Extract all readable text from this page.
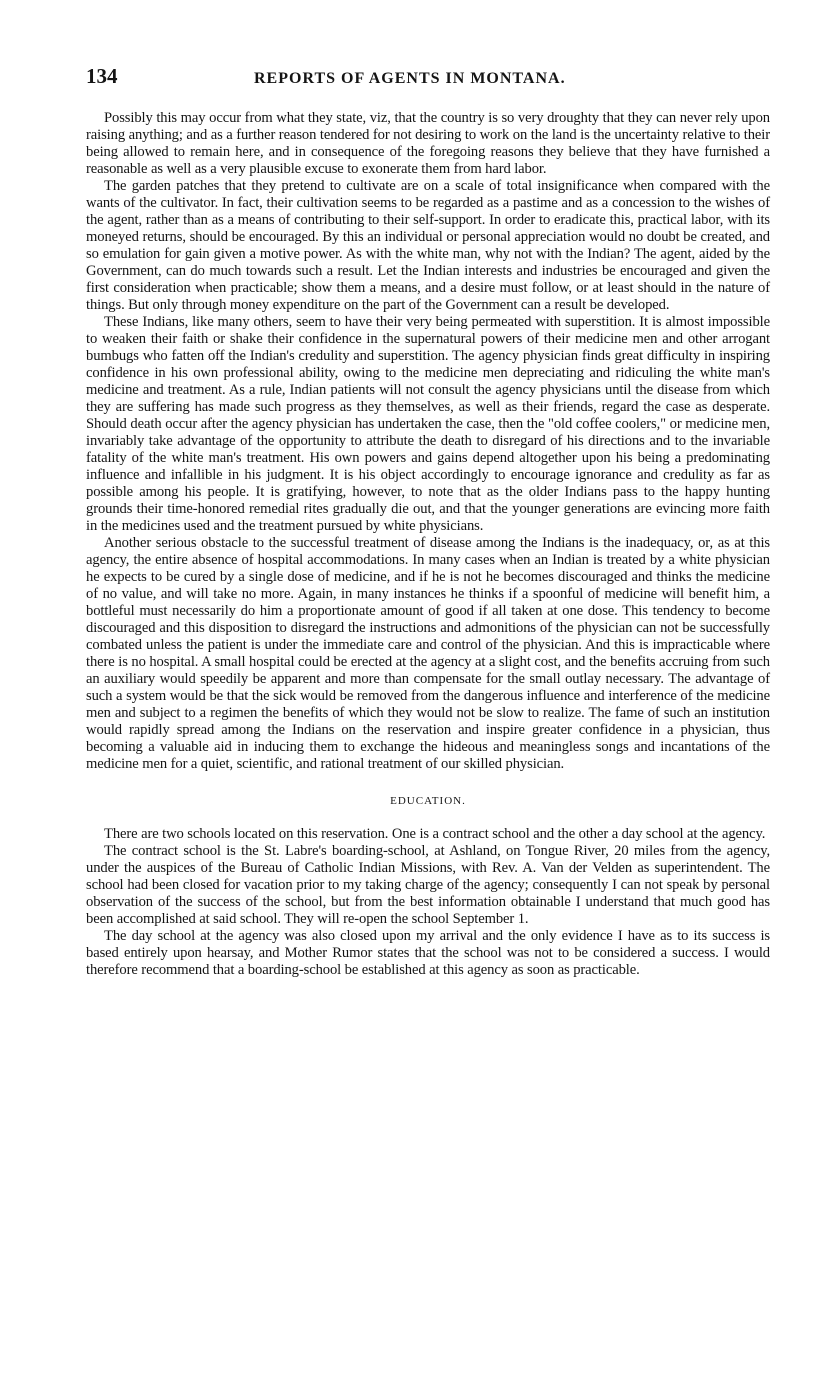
134	REPORTS OF AGENTS IN MONTANA.

Possibly this may occur from what they state, viz, that the country is so very droughty that they can never rely upon raising anything; and as a further reason tendered for not desiring to work on the land is the uncertainty relative to their being allowed to remain here, and in consequence of the foregoing reasons they believe that they have furnished a reasonable as well as a very plausible excuse to exonerate them from hard labor.

The garden patches that they pretend to cultivate are on a scale of total insignificance when compared with the wants of the cultivator. In fact, their cultivation seems to be regarded as a pastime and as a concession to the wishes of the agent, rather than as a means of contributing to their self-support. In order to eradicate this, practical labor, with its moneyed returns, should be encouraged. By this an individual or personal appreciation would no doubt be created, and so emulation for gain given a motive power. As with the white man, why not with the Indian? The agent, aided by the Government, can do much towards such a result. Let the Indian interests and industries be encouraged and given the first consideration when practicable; show them a means, and a desire must follow, or at least should in the nature of things. But only through money expenditure on the part of the Government can a result be developed.

These Indians, like many others, seem to have their very being permeated with superstition. It is almost impossible to weaken their faith or shake their confidence in the supernatural powers of their medicine men and other arrogant bumbugs who fatten off the Indian's credulity and superstition. The agency physician finds great difficulty in inspiring confidence in his own professional ability, owing to the medicine men depreciating and ridiculing the white man's medicine and treatment. As a rule, Indian patients will not consult the agency physicians until the disease from which they are suffering has made such progress as they themselves, as well as their friends, regard the case as desperate. Should death occur after the agency physician has undertaken the case, then the "old coffee coolers," or medicine men, invariably take advantage of the opportunity to attribute the death to disregard of his directions and to the invariable fatality of the white man's treatment. His own powers and gains depend altogether upon his being a predominating influence and infallible in his judgment. It is his object accordingly to encourage ignorance and credulity as far as possible among his people. It is gratifying, however, to note that as the older Indians pass to the happy hunting grounds their time-honored remedial rites gradually die out, and that the younger generations are evincing more faith in the medicines used and the treatment pursued by white physicians.

Another serious obstacle to the successful treatment of disease among the Indians is the inadequacy, or, as at this agency, the entire absence of hospital accommodations. In many cases when an Indian is treated by a white physician he expects to be cured by a single dose of medicine, and if he is not he becomes discouraged and thinks the medicine of no value, and will take no more. Again, in many instances he thinks if a spoonful of medicine will benefit him, a bottleful must necessarily do him a proportionate amount of good if all taken at one dose. This tendency to become discouraged and this disposition to disregard the instructions and admonitions of the physician can not be successfully combated unless the patient is under the immediate care and control of the physician. And this is impracticable where there is no hospital. A small hospital could be erected at the agency at a slight cost, and the benefits accruing from such an auxiliary would speedily be apparent and more than compensate for the small outlay necessary. The advantage of such a system would be that the sick would be removed from the dangerous influence and interference of the medicine men and subject to a regimen the benefits of which they would not be slow to realize. The fame of such an institution would rapidly spread among the Indians on the reservation and inspire greater confidence in a physician, thus becoming a valuable aid in inducing them to exchange the hideous and meaningless songs and incantations of the medicine men for a quiet, scientific, and rational treatment of our skilled physician.

EDUCATION.

There are two schools located on this reservation. One is a contract school and the other a day school at the agency.

The contract school is the St. Labre's boarding-school, at Ashland, on Tongue River, 20 miles from the agency, under the auspices of the Bureau of Catholic Indian Missions, with Rev. A. Van der Velden as superintendent. The school had been closed for vacation prior to my taking charge of the agency; consequently I can not speak by personal observation of the success of the school, but from the best information obtainable I understand that much good has been accomplished at said school. They will re-open the school September 1.

The day school at the agency was also closed upon my arrival and the only evidence I have as to its success is based entirely upon hearsay, and Mother Rumor states that the school was not to be considered a success. I would therefore recommend that a boarding-school be established at this agency as soon as practicable.
